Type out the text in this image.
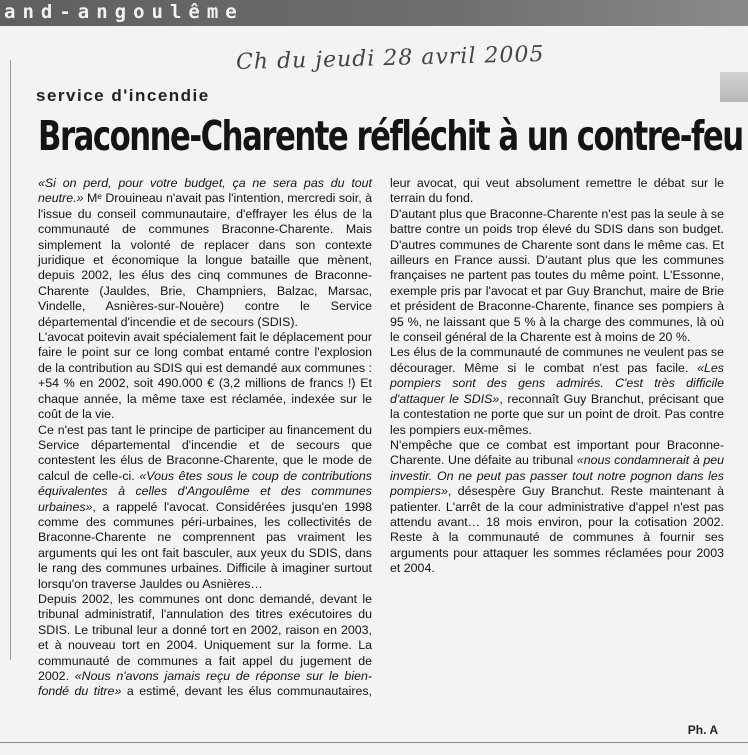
and-angoulême
Ch du jeudi 28 avril 2005
service d'incendie
Braconne-Charente réfléchit à un contre-feu

«Si on perd, pour votre budget, ça ne sera pas du tout neutre.» Mᵉ Drouineau n'avait pas l'intention, mercredi soir, à l'issue du conseil communautaire, d'effrayer les élus de la communauté de communes Braconne-Charente. Mais simplement la volonté de replacer dans son contexte juridique et économique la longue bataille que mènent, depuis 2002, les élus des cinq communes de Braconne-Charente (Jauldes, Brie, Champniers, Balzac, Marsac, Vindelle, Asnières-sur-Nouère) contre le Service départemental d'incendie et de secours (SDIS).

L'avocat poitevin avait spécialement fait le déplacement pour faire le point sur ce long combat entamé contre l'explosion de la contribution au SDIS qui est demandé aux communes : +54 % en 2002, soit 490.000 € (3,2 millions de francs !) Et chaque année, la même taxe est réclamée, indexée sur le coût de la vie.

Ce n'est pas tant le principe de participer au financement du Service départemental d'incendie et de secours que contestent les élus de Braconne-Charente, que le mode de calcul de celle-ci. «Vous êtes sous le coup de contributions équivalentes à celles d'Angoulême et des communes urbaines», a rappelé l'avocat. Considérées jusqu'en 1998 comme des communes péri-urbaines, les collectivités de Braconne-Charente ne comprennent pas vraiment les arguments qui les ont fait basculer, aux yeux du SDIS, dans le rang des communes urbaines. Difficile à imaginer surtout lorsqu'on traverse Jauldes ou Asnières…

Depuis 2002, les communes ont donc demandé, devant le tribunal administratif, l'annulation des titres exécutoires du SDIS. Le tribunal leur a donné tort en 2002, raison en 2003, et à nouveau tort en 2004. Uniquement sur la forme. La communauté de communes a fait appel du jugement de 2002. «Nous n'avons jamais reçu de réponse sur le bien-fondé du titre» a estimé, devant les élus communautaires, leur avocat, qui veut absolument remettre le débat sur le terrain du fond.

D'autant plus que Braconne-Charente n'est pas la seule à se battre contre un poids trop élevé du SDIS dans son budget. D'autres communes de Charente sont dans le même cas. Et ailleurs en France aussi. D'autant plus que les communes françaises ne partent pas toutes du même point. L'Essonne, exemple pris par l'avocat et par Guy Branchut, maire de Brie et président de Braconne-Charente, finance ses pompiers à 95 %, ne laissant que 5 % à la charge des communes, là où le conseil général de la Charente est à moins de 20 %.

Les élus de la communauté de communes ne veulent pas se décourager. Même si le combat n'est pas facile. «Les pompiers sont des gens admirés. C'est très difficile d'attaquer le SDIS», reconnaît Guy Branchut, précisant que la contestation ne porte que sur un point de droit. Pas contre les pompiers eux-mêmes.

N'empêche que ce combat est important pour Braconne-Charente. Une défaite au tribunal «nous condamnerait à peu investir. On ne peut pas passer tout notre pognon dans les pompiers», désespère Guy Branchut. Reste maintenant à patienter. L'arrêt de la cour administrative d'appel n'est pas attendu avant… 18 mois environ, pour la cotisation 2002. Reste à la communauté de communes à fournir ses arguments pour attaquer les sommes réclamées pour 2003 et 2004.

Ph. A
